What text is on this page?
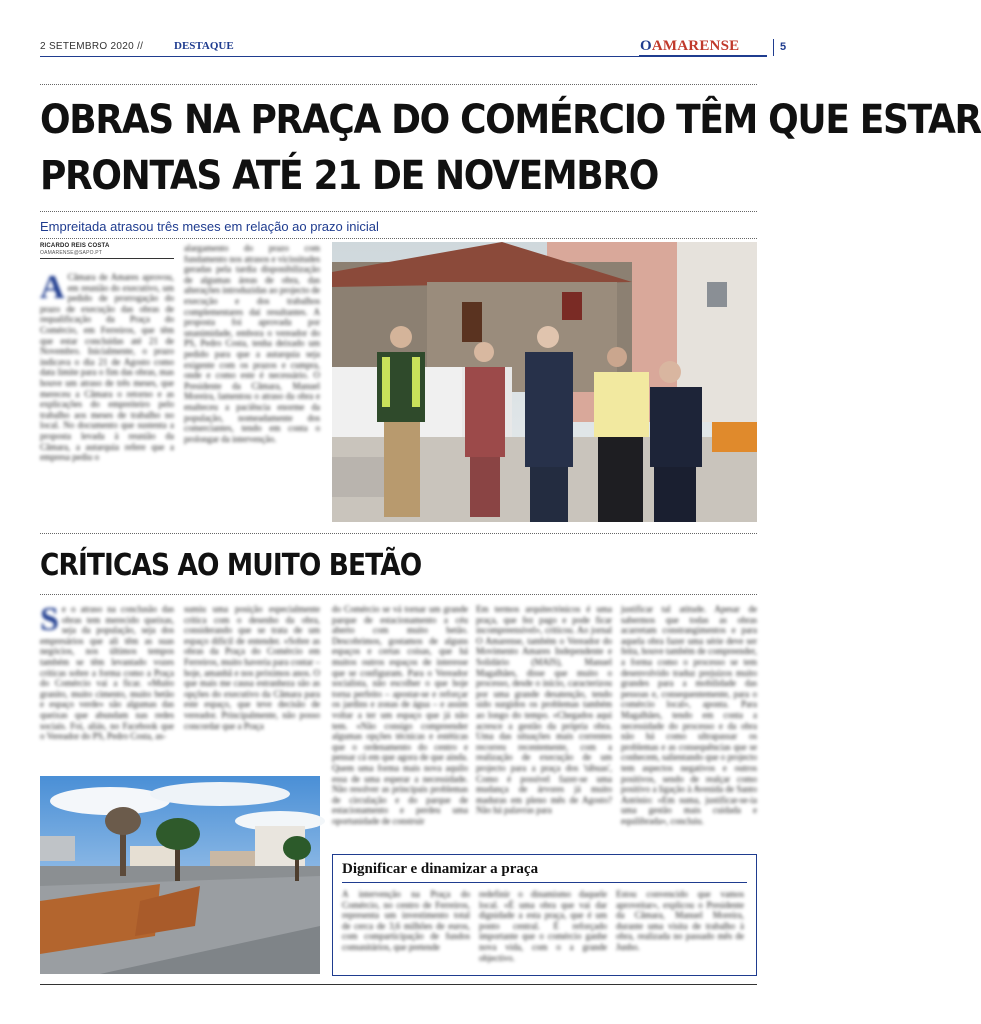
2 SETEMBRO 2020 //	DESTAQUE	OAMARENSE	5
OBRAS NA PRAÇA DO COMÉRCIO TÊM QUE ESTAR
PRONTAS ATÉ 21 DE NOVEMBRO
Empreitada atrasou três meses em relação ao prazo inicial
RICARDO REIS COSTA
OAMARENSE@SAPO.PT
A Câmara de Amares aprovou, em reunião do executivo, um pedido de prorrogação do prazo de execução das obras de requalificação da Praça do Comércio, em Ferreiros, que têm que estar concluídas até 21 de Novembro. Inicialmente, o prazo indicava o dia 21 de Agosto como data limite para o fim das obras, mas houve um atraso de três meses, que mereceu a Câmara o retorno e as explicações do empreiteiro pelo trabalho aos meses de trabalho no local. No documento que sustenta a proposta levada à reunião da Câmara, a autarquia refere que a empresa pediu o
alargamento do prazo com fundamento nos atrasos e vicissitudes geradas pela tardia disponibilização de algumas áreas de obra, das alterações introduzidas ao projecto de execução e dos trabalhos complementares daí resultantes. A proposta foi aprovada por unanimidade, embora o vereador do PS, Pedro Costa, tenha deixado um pedido para que a autarquia seja exigente com os prazos e cumpra, onde e como este é necessário. O Presidente da Câmara, Manuel Moreira, lamentou o atraso da obra e enalteceu a paciência enorme da população, nomeadamente dos comerciantes, tendo em conta o prolongar da intervenção.
CRÍTICAS AO MUITO BETÃO
Se o atraso na conclusão das obras tem merecido queixas, seja da população, seja dos empresários que ali têm as suas negócios, nos últimos tempos também se têm levantado vozes críticas sobre a forma como a Praça do Comércio vai a ficar. «Muito granito, muito cimento, muito betão e espaço verde» são algumas das queixas que abundam nas redes sociais. Foi, aliás, no Facebook que o Vereador do PS, Pedro Costa, as-
sumiu uma posição especialmente crítica com o desenho da obra, considerando que se trata de um espaço difícil de entender. «Sobre as obras da Praça do Comércio em Ferreiros, muito haveria para contar – hoje, amanhã e nos próximos anos. O que mais me causa estranheza são as opções do executivo da Câmara para este espaço, que teve decisão de vereador. Principalmente, não posso concordar que a Praça
do Comércio se vá tornar um grande parque de estacionamento a céu aberto com muito betão. Descobrimos, gostamos de alguns espaços e certas coisas, que há muitos outros espaços de interesse que se configuram. Para o Vereador socialista, não escolher o que hoje torna perfeito – apostar-se e reforçar os jardins e zonas de água – e assim voltar a ter um espaço que já não tem. «Não consigo compreender algumas opções técnicas e estéticas que o ordenamento do centro e pensar cá em que agora de que ainda. Quem uma forma mais nova aquilo essa de uma esperar a necessidade. Não resolver as principais problemas de circulação e do parque de estacionamento e perdeu uma oportunidade de construir
Em termos arquitectónicos é uma praça, que fez pago e pode ficar incompreensível», criticou. Ao jornal O Amarense, também o Vereador do Movimento Amares Independente e Solidário (MAIS), Manuel Magalhães, disse que muito o processo, desde o início, caracterizou por uma grande desatenção, tendo sido surgidos os problemas também ao longo do tempo. «Chegados aqui acresce a gestão da própria obra. Uma das situações mais correntes recorreu recentemente, com a realização de execução de um projecto para a praça dos 'tábuas', Como é possível fazer-se uma mudança de árvores já muito maduras em pleno mês de Agosto? Não há palavras para
justificar tal atitude. Apesar de sabermos que todas as obras acarretam constrangimentos e para aquela obra fazer uma série deve ser feita, houve também de compreender, a forma como o processo se tem desenvolvido traduz prejuízos muito grandes para a mobilidade das pessoas e, consequentemente, para o comércio local», aponta. Para Magalhães, tendo em conta a necessidade do processo e da obra não há como ultrapassar os problemas e as consequências que se conhecem, salientando que o projecto tem aspectos negativos e outros positivos, sendo de realçar como positivo a ligação à Avenida de Santo António: «Em suma, justificar-se-ia uma gestão mais cuidada e equilibrada», concluiu.
Dignificar e dinamizar a praça
A intervenção na Praça do Comércio, no centro de Ferreiros, representa um investimento total de cerca de 3,6 milhões de euros, com comparticipação de fundos comunitários, que pretende
redefinir o dinamismo daquele local. «É uma obra que vai dar dignidade a esta praça, que é um ponto central. É reforçado importante que o comércio ganhe nova vida, com o a grande objectivo.
Estou convencido que vamos aproveitar», explicou o Presidente da Câmara, Manuel Moreira, durante uma visita de trabalho à obra, realizada no passado mês de Junho.
